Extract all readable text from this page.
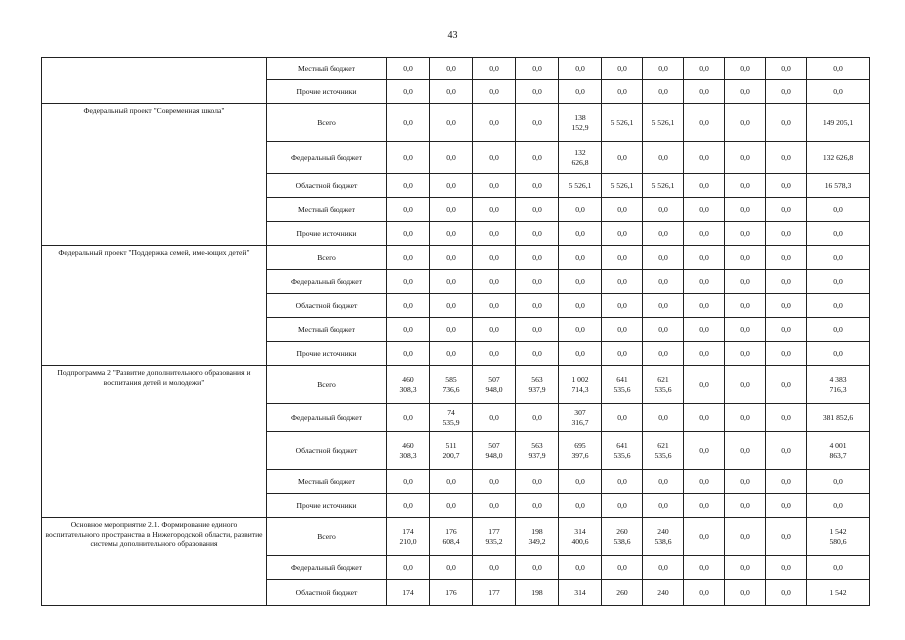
43
	Местный бюджет	0,0	0,0	0,0	0,0	0,0	0,0	0,0	0,0	0,0	0,0	0,0
	Прочие источники	0,0	0,0	0,0	0,0	0,0	0,0	0,0	0,0	0,0	0,0	0,0
Федеральный проект "Современная школа"	Всего	0,0	0,0	0,0	0,0	138
152,9	5 526,1	5 526,1	0,0	0,0	0,0	149 205,1
	Федеральный бюджет	0,0	0,0	0,0	0,0	132
626,8	0,0	0,0	0,0	0,0	0,0	132 626,8
	Областной бюджет	0,0	0,0	0,0	0,0	5 526,1	5 526,1	5 526,1	0,0	0,0	0,0	16 578,3
	Местный бюджет	0,0	0,0	0,0	0,0	0,0	0,0	0,0	0,0	0,0	0,0	0,0
	Прочие источники	0,0	0,0	0,0	0,0	0,0	0,0	0,0	0,0	0,0	0,0	0,0
Федеральный проект "Поддержка семей, име-ющих детей"	Всего	0,0	0,0	0,0	0,0	0,0	0,0	0,0	0,0	0,0	0,0	0,0
	Федеральный бюджет	0,0	0,0	0,0	0,0	0,0	0,0	0,0	0,0	0,0	0,0	0,0
	Областной бюджет	0,0	0,0	0,0	0,0	0,0	0,0	0,0	0,0	0,0	0,0	0,0
	Местный бюджет	0,0	0,0	0,0	0,0	0,0	0,0	0,0	0,0	0,0	0,0	0,0
	Прочие источники	0,0	0,0	0,0	0,0	0,0	0,0	0,0	0,0	0,0	0,0	0,0
Подпрограмма 2 "Развитие дополнительного образования и воспитания детей и молодежи"	Всего	460
308,3	585
736,6	507
948,0	563
937,9	1 002
714,3	641
535,6	621
535,6	0,0	0,0	0,0	4 383
716,3
	Федеральный бюджет	0,0	74
535,9	0,0	0,0	307
316,7	0,0	0,0	0,0	0,0	0,0	381 852,6
	Областной бюджет	460
308,3	511
200,7	507
948,0	563
937,9	695
397,6	641
535,6	621
535,6	0,0	0,0	0,0	4 001
863,7
	Местный бюджет	0,0	0,0	0,0	0,0	0,0	0,0	0,0	0,0	0,0	0,0	0,0
	Прочие источники	0,0	0,0	0,0	0,0	0,0	0,0	0,0	0,0	0,0	0,0	0,0
Основное мероприятие 2.1. Формирование единого воспитательного пространства в Нижегородской области, развитие системы дополнительного образования	Всего	174
210,0	176
608,4	177
935,2	198
349,2	314
400,6	260
538,6	240
538,6	0,0	0,0	0,0	1 542
580,6
	Федеральный бюджет	0,0	0,0	0,0	0,0	0,0	0,0	0,0	0,0	0,0	0,0	0,0
	Областной бюджет	174	176	177	198	314	260	240	0,0	0,0	0,0	1 542
